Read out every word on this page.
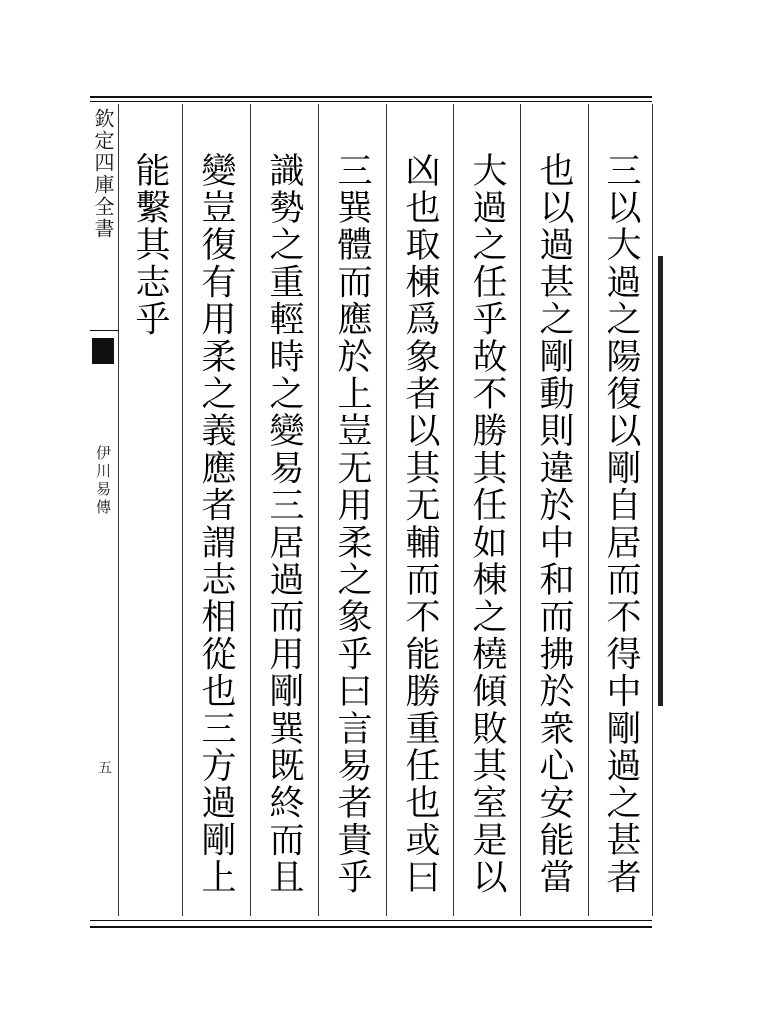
欽定四庫全書
伊川易傳
五	三以大過之陽復以剛自居而不得中剛過之甚者
也以過甚之剛動則違於中和而拂於衆心安能當
大過之任乎故不勝其任如棟之橈傾敗其室是以
凶也取棟爲象者以其无輔而不能勝重任也或曰
三巽體而應於上豈无用柔之象乎曰言易者貴乎
識勢之重輕時之變易三居過而用剛巽既終而且
變豈復有用柔之義應者謂志相從也三方過剛上
能繫其志乎
